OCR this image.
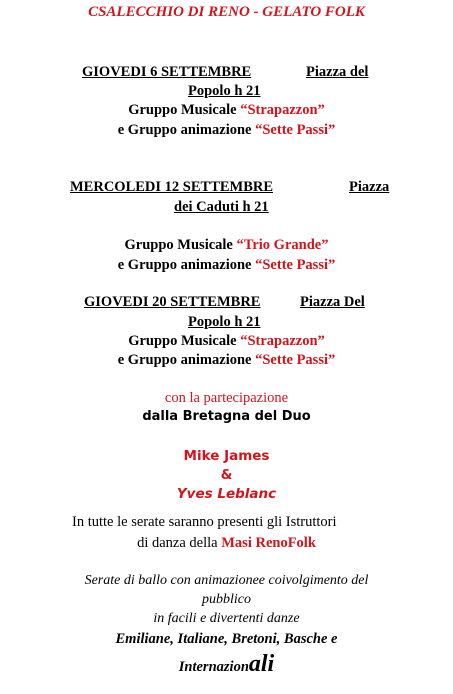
CSALECCHIO DI RENO - GELATO FOLK
GIOVEDI 6 SETTEMBRE	Piazza del
Popolo h 21
Gruppo Musicale “Strapazzon”
e Gruppo animazione “Sette Passi”
MERCOLEDI 12 SETTEMBRE	Piazza
dei Caduti h 21
Gruppo Musicale “Trio Grande”
e Gruppo animazione “Sette Passi”
GIOVEDI 20 SETTEMBRE	Piazza Del
Popolo h 21
Gruppo Musicale “Strapazzon”
e Gruppo animazione “Sette Passi”
con la partecipazione
dalla Bretagna del Duo
Mike James
&
Yves Leblanc
In tutte le serate saranno presenti gli Istruttori
di danza della Masi RenoFolk
Serate di ballo con animazionee coivolgimento del
pubblico
in facili e divertenti danze
Emiliane, Italiane, Bretoni, Basche e
Internazionali
